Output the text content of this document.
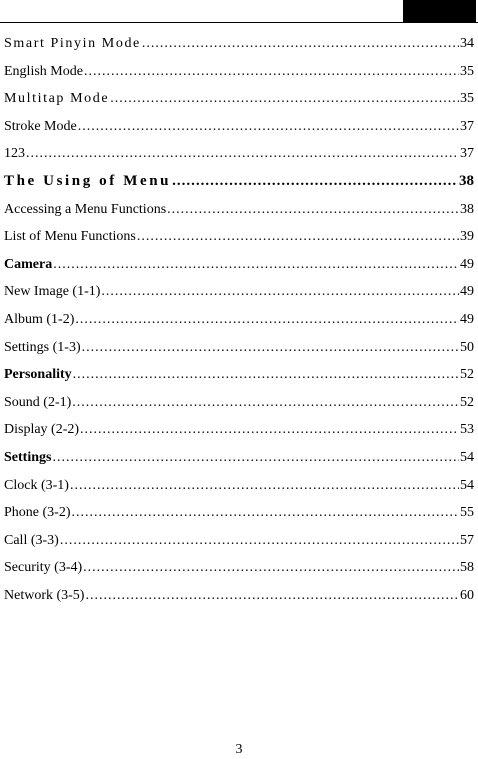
Smart Pinyin Mode .....	34
English Mode .....	35
Multitap Mode .....	35
Stroke Mode .....	37
123 .....	37
The Using of Menu .....	38
Accessing a Menu Functions .....	38
List of Menu Functions .....	39
Camera .....	49
New Image (1-1) .....	49
Album (1-2) .....	49
Settings (1-3) .....	50
Personality .....	52
Sound (2-1) .....	52
Display (2-2) .....	53
Settings .....	54
Clock (3-1) .....	54
Phone (3-2) .....	55
Call (3-3) .....	57
Security (3-4) .....	58
Network (3-5) .....	60
3
